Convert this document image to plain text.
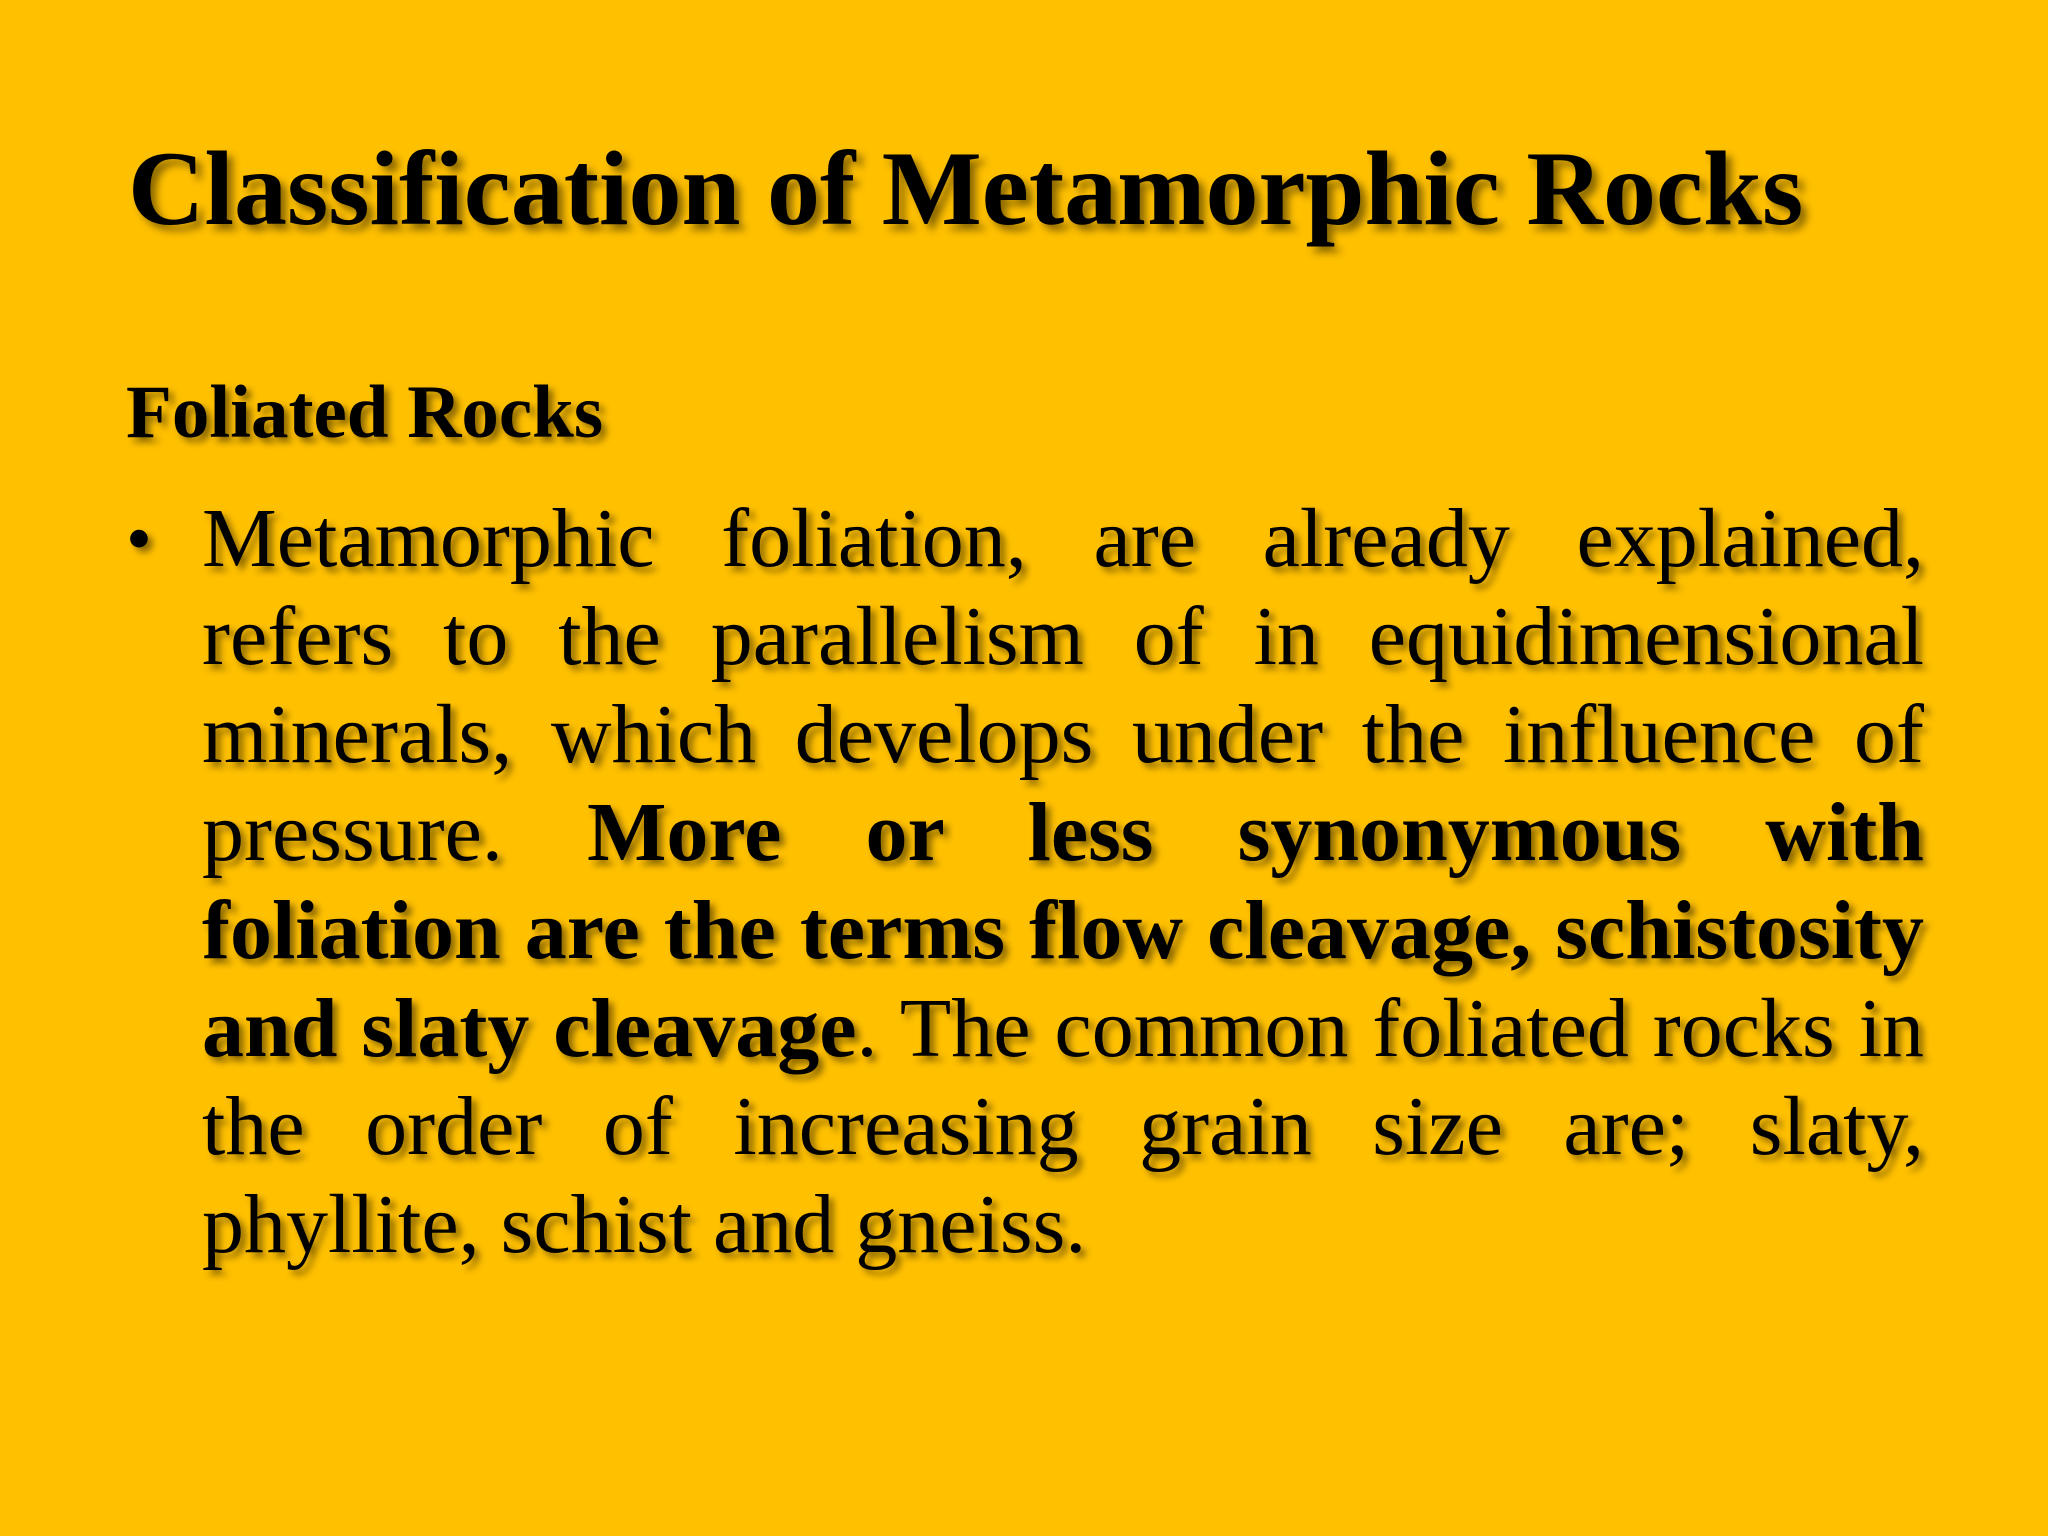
Classification of Metamorphic Rocks
Foliated Rocks
• Metamorphic foliation, are already explained, refers to the parallelism of in equidimensional minerals, which develops under the influence of pressure. More or less synonymous with foliation are the terms flow cleavage, schistosity and slaty cleavage. The common foliated rocks in the order of increasing grain size are; slaty, phyllite, schist and gneiss.
